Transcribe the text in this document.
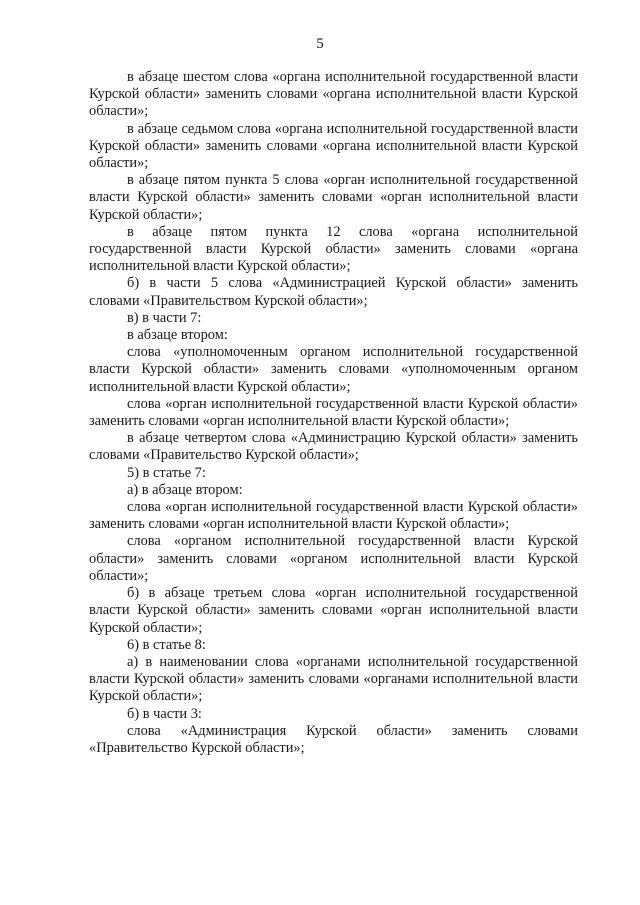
5

в абзаце шестом слова «органа исполнительной государственной власти Курской области» заменить словами «органа исполнительной власти Курской области»;

в абзаце седьмом слова «органа исполнительной государственной власти Курской области» заменить словами «органа исполнительной власти Курской области»;

в абзаце пятом пункта 5 слова «орган исполнительной государственной власти Курской области» заменить словами «орган исполнительной власти Курской области»;

в абзаце пятом пункта 12 слова «органа исполнительной государственной власти Курской области» заменить словами «органа исполнительной власти Курской области»;

б) в части 5 слова «Администрацией Курской области» заменить словами «Правительством Курской области»;

в) в части 7:

в абзаце втором:

слова «уполномоченным органом исполнительной государственной власти Курской области» заменить словами «уполномоченным органом исполнительной власти Курской области»;

слова «орган исполнительной государственной власти Курской области» заменить словами «орган исполнительной власти Курской области»;

в абзаце четвертом слова «Администрацию Курской области» заменить словами «Правительство Курской области»;

5) в статье 7:

а) в абзаце втором:

слова «орган исполнительной государственной власти Курской области» заменить словами «орган исполнительной власти Курской области»;

слова «органом исполнительной государственной власти Курской области» заменить словами «органом исполнительной власти Курской области»;

б) в абзаце третьем слова «орган исполнительной государственной власти Курской области» заменить словами «орган исполнительной власти Курской области»;

6) в статье 8:

а) в наименовании слова «органами исполнительной государственной власти Курской области» заменить словами «органами исполнительной власти Курской области»;

б) в части 3:

слова «Администрация Курской области» заменить словами «Правительство Курской области»;
